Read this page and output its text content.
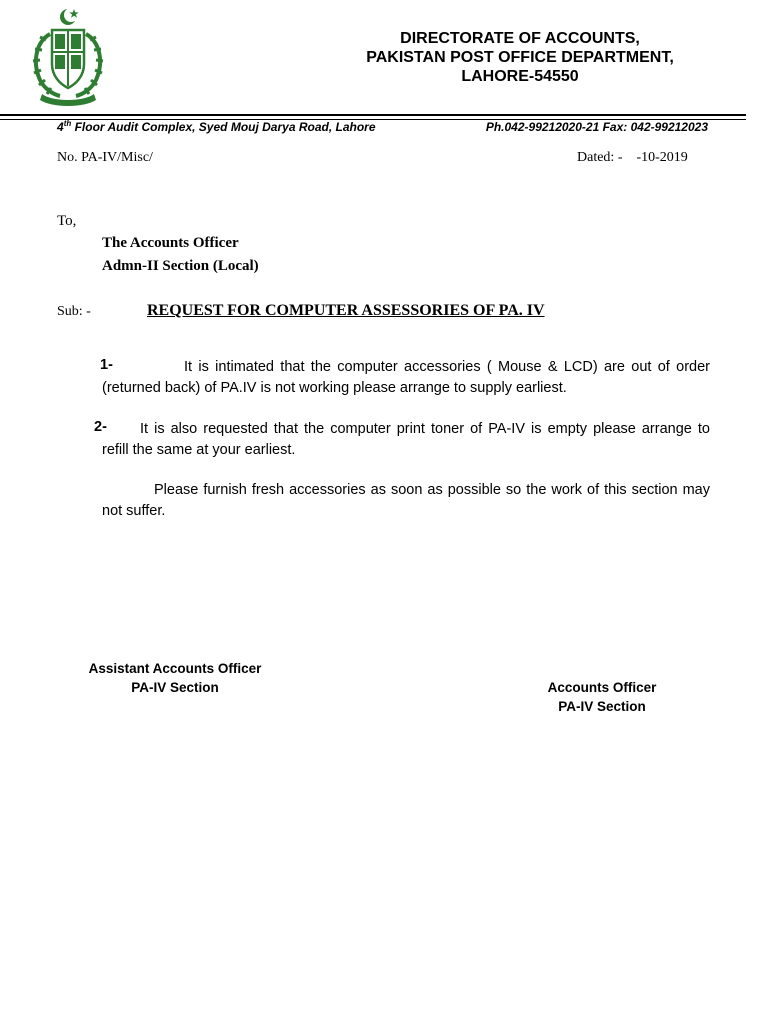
DIRECTORATE OF ACCOUNTS,
PAKISTAN POST OFFICE DEPARTMENT,
LAHORE-54550
4th Floor Audit Complex, Syed Mouj Darya Road, Lahore	Ph.042-99212020-21 Fax: 042-99212023
No. PA-IV/Misc/	Dated: -    -10-2019
To,
The Accounts Officer
Admn-II Section (Local)
Sub: -	REQUEST FOR COMPUTER ASSESSORIES OF PA. IV
1-	It is intimated that the computer accessories ( Mouse & LCD) are out of order (returned back) of PA.IV is not working please arrange to supply earliest.
2-	It is also requested that the computer print toner of PA-IV is empty please arrange to refill the same at your earliest.
Please furnish fresh accessories as soon as possible so the work of this section may not suffer.
Assistant Accounts Officer
PA-IV Section	Accounts Officer
PA-IV Section
